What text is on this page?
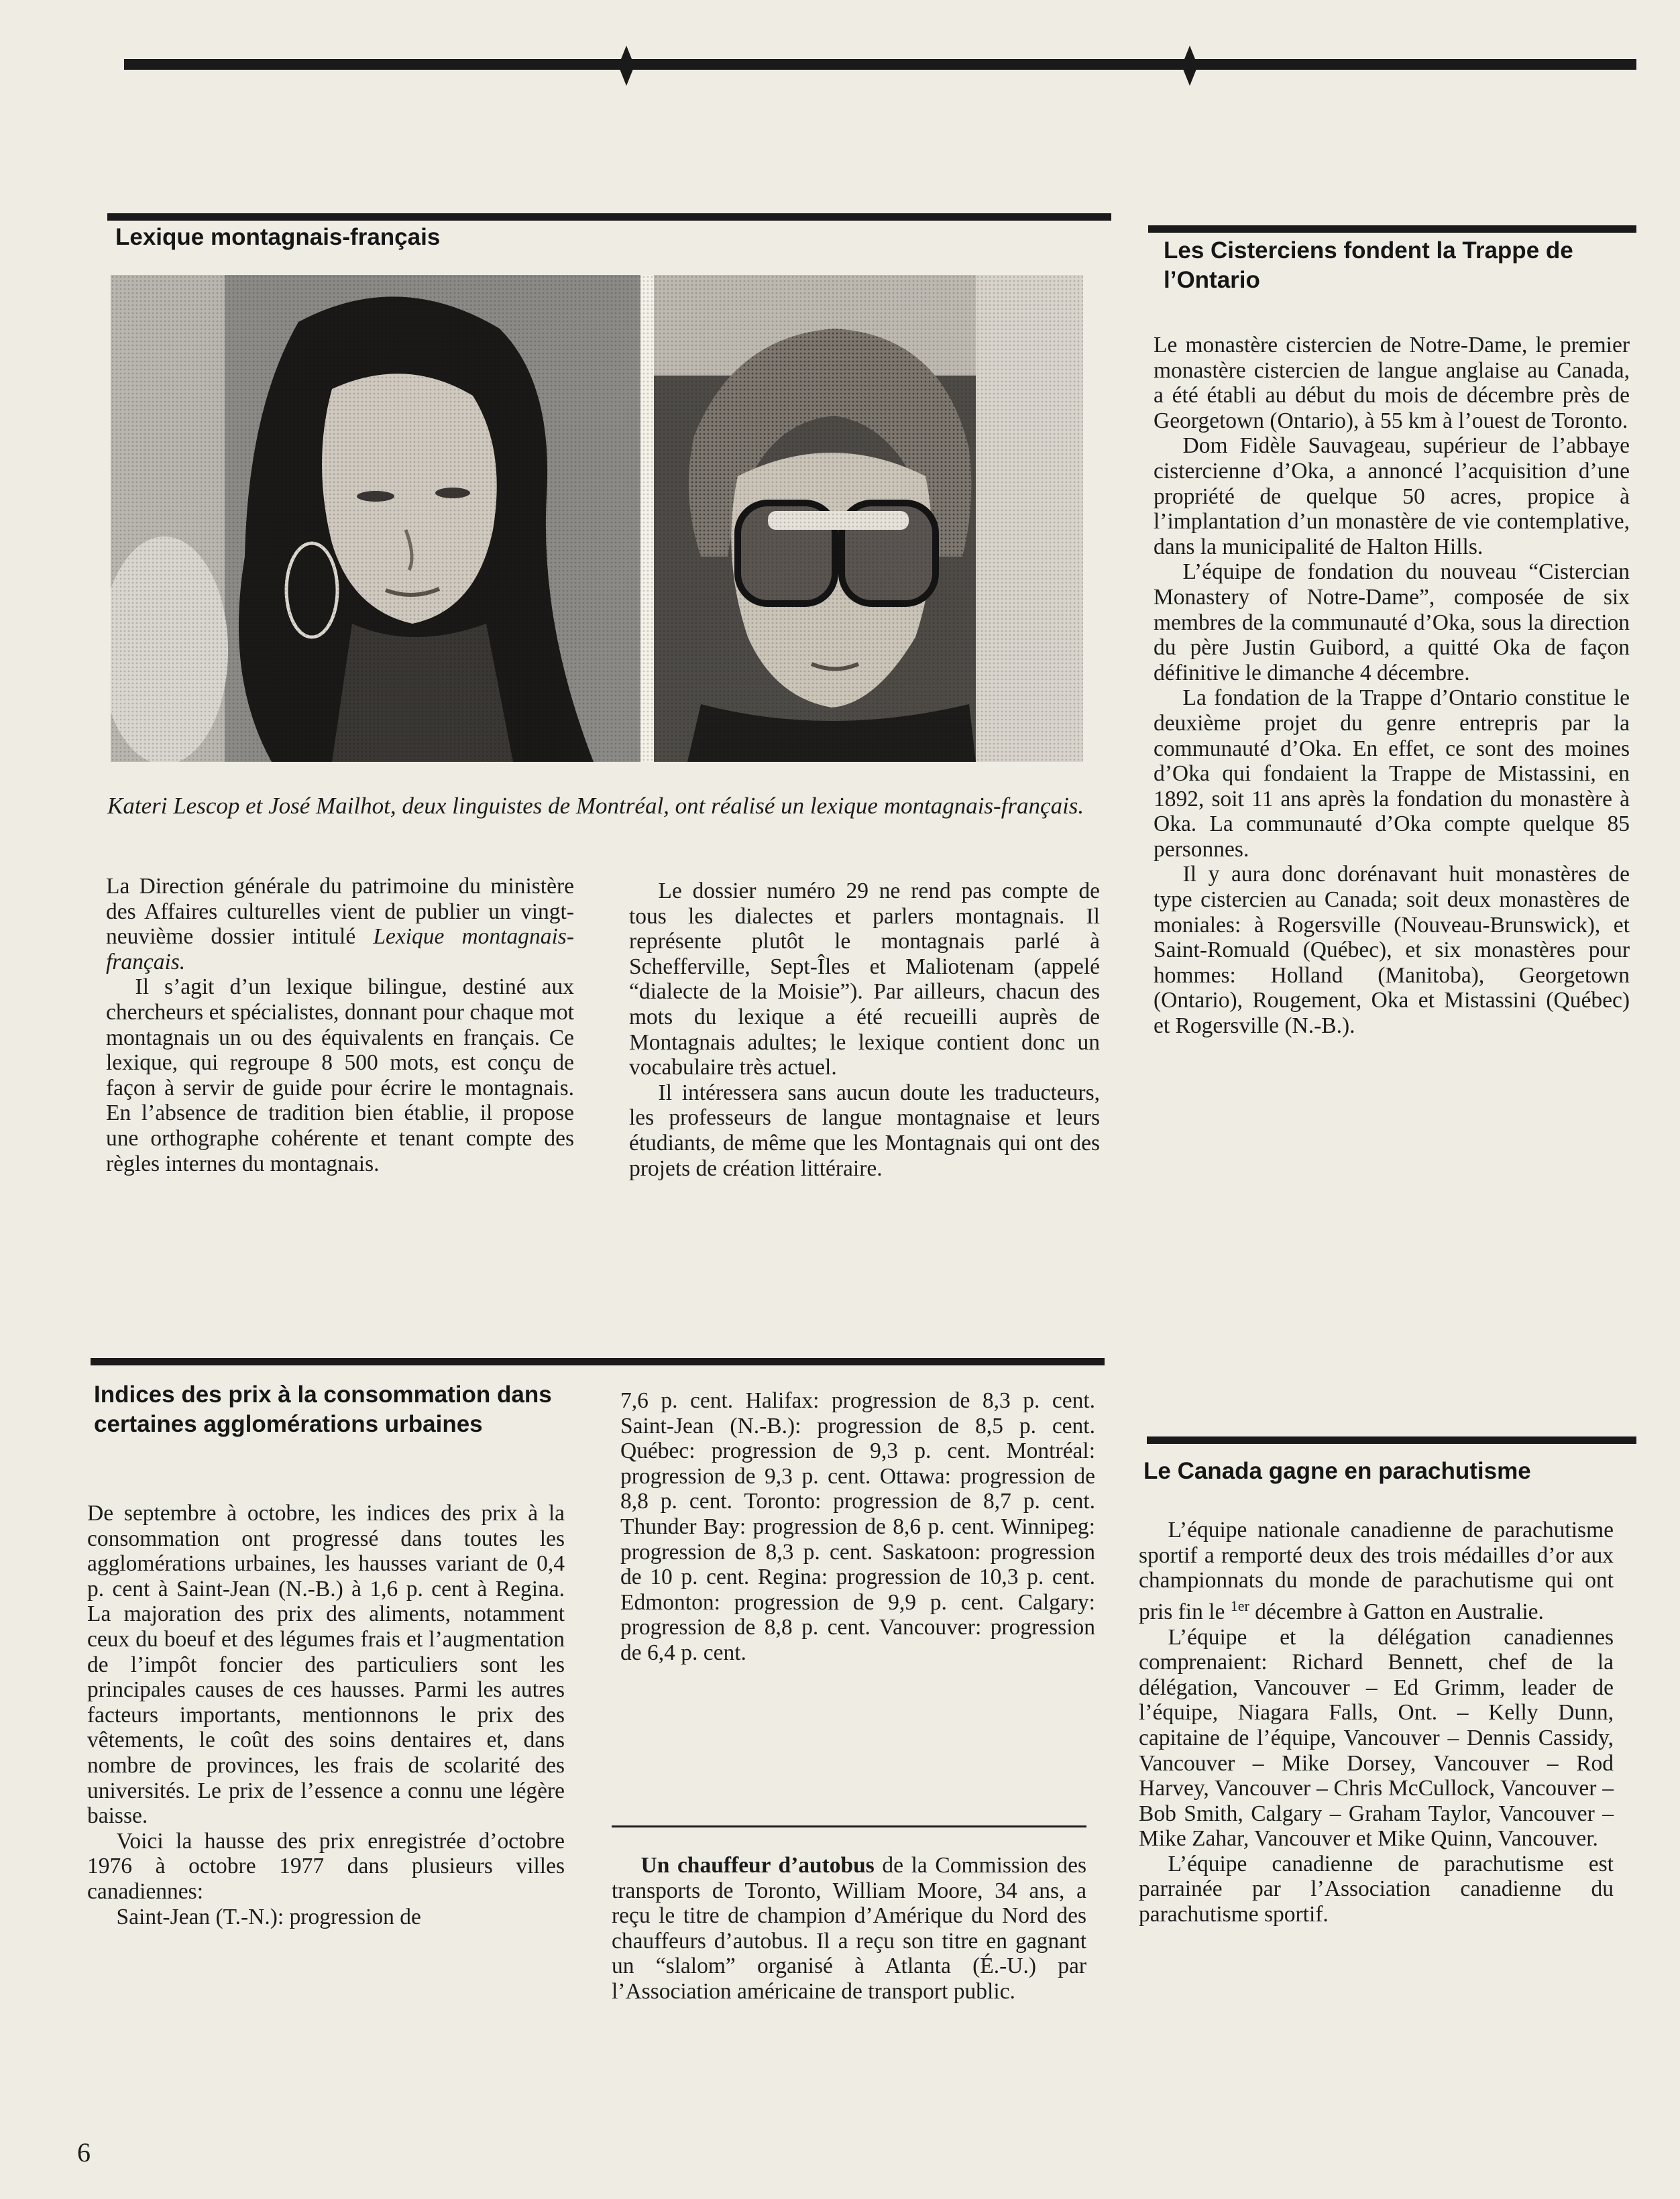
Lexique montagnais-français

Kateri Lescop et José Mailhot, deux linguistes de Montréal, ont réalisé un lexique montagnais-français.

La Direction générale du patrimoine du ministère des Affaires culturelles vient de publier un vingt-neuvième dossier intitulé Lexique montagnais-français.

Il s’agit d’un lexique bilingue, destiné aux chercheurs et spécialistes, donnant pour chaque mot montagnais un ou des équivalents en français. Ce lexique, qui regroupe 8 500 mots, est conçu de façon à servir de guide pour écrire le montagnais. En l’absence de tradition bien établie, il propose une orthographe cohérente et tenant compte des règles internes du montagnais.

Le dossier numéro 29 ne rend pas compte de tous les dialectes et parlers montagnais. Il représente plutôt le montagnais parlé à Schefferville, Sept-Îles et Maliotenam (appelé “dialecte de la Moisie”). Par ailleurs, chacun des mots du lexique a été recueilli auprès de Montagnais adultes; le lexique contient donc un vocabulaire très actuel.

Il intéressera sans aucun doute les traducteurs, les professeurs de langue montagnaise et leurs étudiants, de même que les Montagnais qui ont des projets de création littéraire.

Les Cisterciens fondent la Trappe de l’Ontario

Le monastère cistercien de Notre-Dame, le premier monastère cistercien de langue anglaise au Canada, a été établi au début du mois de décembre près de Georgetown (Ontario), à 55 km à l’ouest de Toronto.

Dom Fidèle Sauvageau, supérieur de l’abbaye cistercienne d’Oka, a annoncé l’acquisition d’une propriété de quelque 50 acres, propice à l’implantation d’un monastère de vie contemplative, dans la municipalité de Halton Hills.

L’équipe de fondation du nouveau “Cistercian Monastery of Notre-Dame”, composée de six membres de la communauté d’Oka, sous la direction du père Justin Guibord, a quitté Oka de façon définitive le dimanche 4 décembre.

La fondation de la Trappe d’Ontario constitue le deuxième projet du genre entrepris par la communauté d’Oka. En effet, ce sont des moines d’Oka qui fondaient la Trappe de Mistassini, en 1892, soit 11 ans après la fondation du monastère à Oka. La communauté d’Oka compte quelque 85 personnes.

Il y aura donc dorénavant huit monastères de type cistercien au Canada; soit deux monastères de moniales: à Rogersville (Nouveau-Brunswick), et Saint-Romuald (Québec), et six monastères pour hommes: Holland (Manitoba), Georgetown (Ontario), Rougement, Oka et Mistassini (Québec) et Rogersville (N.-B.).

Indices des prix à la consommation dans certaines agglomérations urbaines

De septembre à octobre, les indices des prix à la consommation ont progressé dans toutes les agglomérations urbaines, les hausses variant de 0,4 p. cent à Saint-Jean (N.-B.) à 1,6 p. cent à Regina. La majoration des prix des aliments, notamment ceux du boeuf et des légumes frais et l’augmentation de l’impôt foncier des particuliers sont les principales causes de ces hausses. Parmi les autres facteurs importants, mentionnons le prix des vêtements, le coût des soins dentaires et, dans nombre de provinces, les frais de scolarité des universités. Le prix de l’essence a connu une légère baisse.

Voici la hausse des prix enregistrée d’octobre 1976 à octobre 1977 dans plusieurs villes canadiennes:

Saint-Jean (T.-N.): progression de

7,6 p. cent. Halifax: progression de 8,3 p. cent. Saint-Jean (N.-B.): progression de 8,5 p. cent. Québec: progression de 9,3 p. cent. Montréal: progression de 9,3 p. cent. Ottawa: progression de 8,8 p. cent. Toronto: progression de 8,7 p. cent. Thunder Bay: progression de 8,6 p. cent. Winnipeg: progression de 8,3 p. cent. Saskatoon: progression de 10 p. cent. Regina: progression de 10,3 p. cent. Edmonton: progression de 9,9 p. cent. Calgary: progression de 8,8 p. cent. Vancouver: progression de 6,4 p. cent.

Un chauffeur d’autobus de la Commission des transports de Toronto, William Moore, 34 ans, a reçu le titre de champion d’Amérique du Nord des chauffeurs d’autobus. Il a reçu son titre en gagnant un “slalom” organisé à Atlanta (É.-U.) par l’Association américaine de transport public.

Le Canada gagne en parachutisme

L’équipe nationale canadienne de parachutisme sportif a remporté deux des trois médailles d’or aux championnats du monde de parachutisme qui ont pris fin le $^{1er}$ décembre à Gatton en Australie.

L’équipe et la délégation canadiennes comprenaient: Richard Bennett, chef de la délégation, Vancouver – Ed Grimm, leader de l’équipe, Niagara Falls, Ont. – Kelly Dunn, capitaine de l’équipe, Vancouver – Dennis Cassidy, Vancouver – Mike Dorsey, Vancouver – Rod Harvey, Vancouver – Chris McCullock, Vancouver – Bob Smith, Calgary – Graham Taylor, Vancouver – Mike Zahar, Vancouver et Mike Quinn, Vancouver.

L’équipe canadienne de parachutisme est parrainée par l’Association canadienne du parachutisme sportif.

6
